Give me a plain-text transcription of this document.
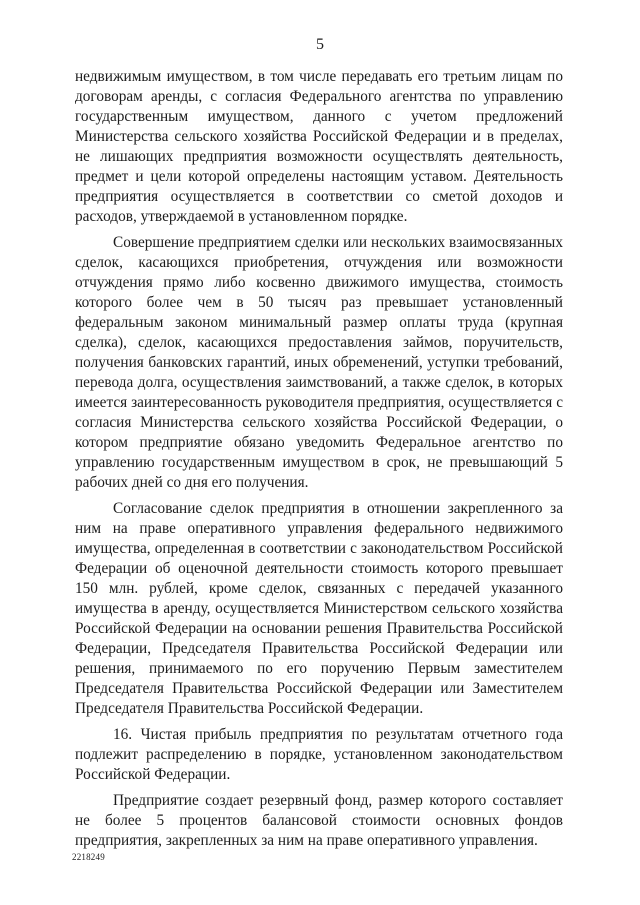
5

недвижимым имуществом, в том числе передавать его третьим лицам по договорам аренды, с согласия Федерального агентства по управлению государственным имуществом, данного с учетом предложений Министерства сельского хозяйства Российской Федерации и в пределах, не лишающих предприятия возможности осуществлять деятельность, предмет и цели которой определены настоящим уставом. Деятельность предприятия осуществляется в соответствии со сметой доходов и расходов, утверждаемой в установленном порядке.

Совершение предприятием сделки или нескольких взаимосвязанных сделок, касающихся приобретения, отчуждения или возможности отчуждения прямо либо косвенно движимого имущества, стоимость которого более чем в 50 тысяч раз превышает установленный федеральным законом минимальный размер оплаты труда (крупная сделка), сделок, касающихся предоставления займов, поручительств, получения банковских гарантий, иных обременений, уступки требований, перевода долга, осуществления заимствований, а также сделок, в которых имеется заинтересованность руководителя предприятия, осуществляется с согласия Министерства сельского хозяйства Российской Федерации, о котором предприятие обязано уведомить Федеральное агентство по управлению государственным имуществом в срок, не превышающий 5 рабочих дней со дня его получения.

Согласование сделок предприятия в отношении закрепленного за ним на праве оперативного управления федерального недвижимого имущества, определенная в соответствии с законодательством Российской Федерации об оценочной деятельности стоимость которого превышает 150 млн. рублей, кроме сделок, связанных с передачей указанного имущества в аренду, осуществляется Министерством сельского хозяйства Российской Федерации на основании решения Правительства Российской Федерации, Председателя Правительства Российской Федерации или решения, принимаемого по его поручению Первым заместителем Председателя Правительства Российской Федерации или Заместителем Председателя Правительства Российской Федерации.

16. Чистая прибыль предприятия по результатам отчетного года подлежит распределению в порядке, установленном законодательством Российской Федерации.

Предприятие создает резервный фонд, размер которого составляет не более 5 процентов балансовой стоимости основных фондов предприятия, закрепленных за ним на праве оперативного управления.

2218249
